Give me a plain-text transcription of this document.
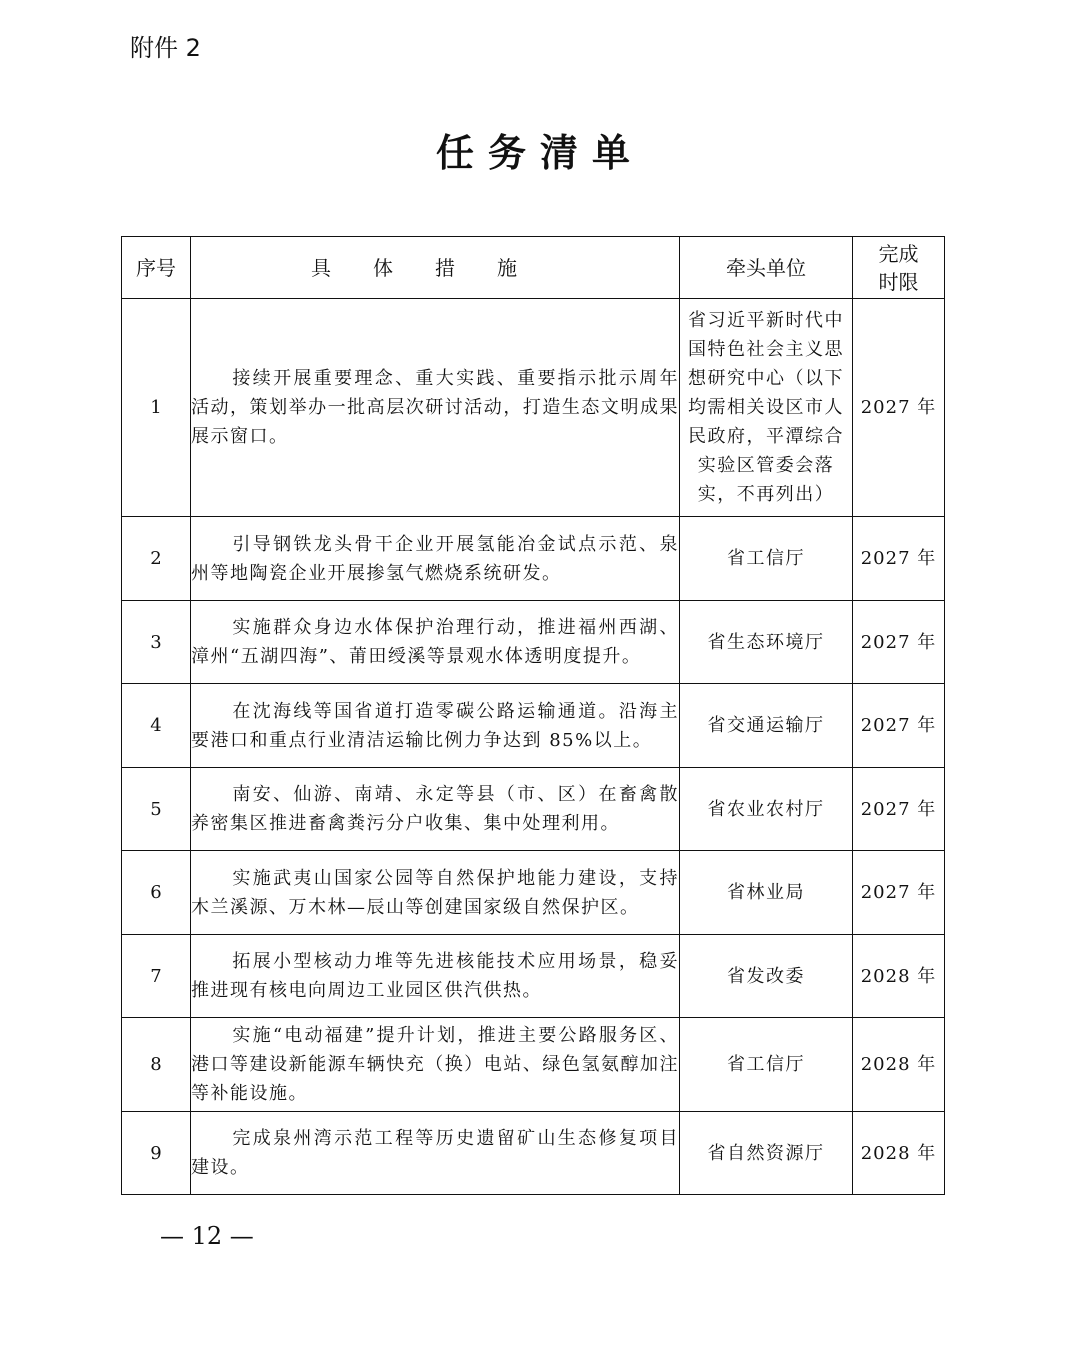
附件 2
任务清单
序号	具体措施	牵头单位	完成
时限

1	接续开展重要理念、重大实践、重要指示批示周年活动，策划举办一批高层次研讨活动，打造生态文明成果展示窗口。	省习近平新时代中国特色社会主义思想研究中心（以下均需相关设区市人民政府，平潭综合实验区管委会落实，不再列出）	2027 年
2	引导钢铁龙头骨干企业开展氢能冶金试点示范、泉州等地陶瓷企业开展掺氢气燃烧系统研发。	省工信厅	2027 年
3	实施群众身边水体保护治理行动，推进福州西湖、漳州“五湖四海”、莆田绶溪等景观水体透明度提升。	省生态环境厅	2027 年
4	在沈海线等国省道打造零碳公路运输通道。沿海主要港口和重点行业清洁运输比例力争达到 85%以上。	省交通运输厅	2027 年
5	南安、仙游、南靖、永定等县（市、区）在畜禽散养密集区推进畜禽粪污分户收集、集中处理利用。	省农业农村厅	2027 年
6	实施武夷山国家公园等自然保护地能力建设，支持木兰溪源、万木林—辰山等创建国家级自然保护区。	省林业局	2027 年
7	拓展小型核动力堆等先进核能技术应用场景，稳妥推进现有核电向周边工业园区供汽供热。	省发改委	2028 年
8	实施“电动福建”提升计划，推进主要公路服务区、港口等建设新能源车辆快充（换）电站、绿色氢氨醇加注等补能设施。	省工信厅	2028 年
9	完成泉州湾示范工程等历史遗留矿山生态修复项目建设。	省自然资源厅	2028 年
— 12 —
